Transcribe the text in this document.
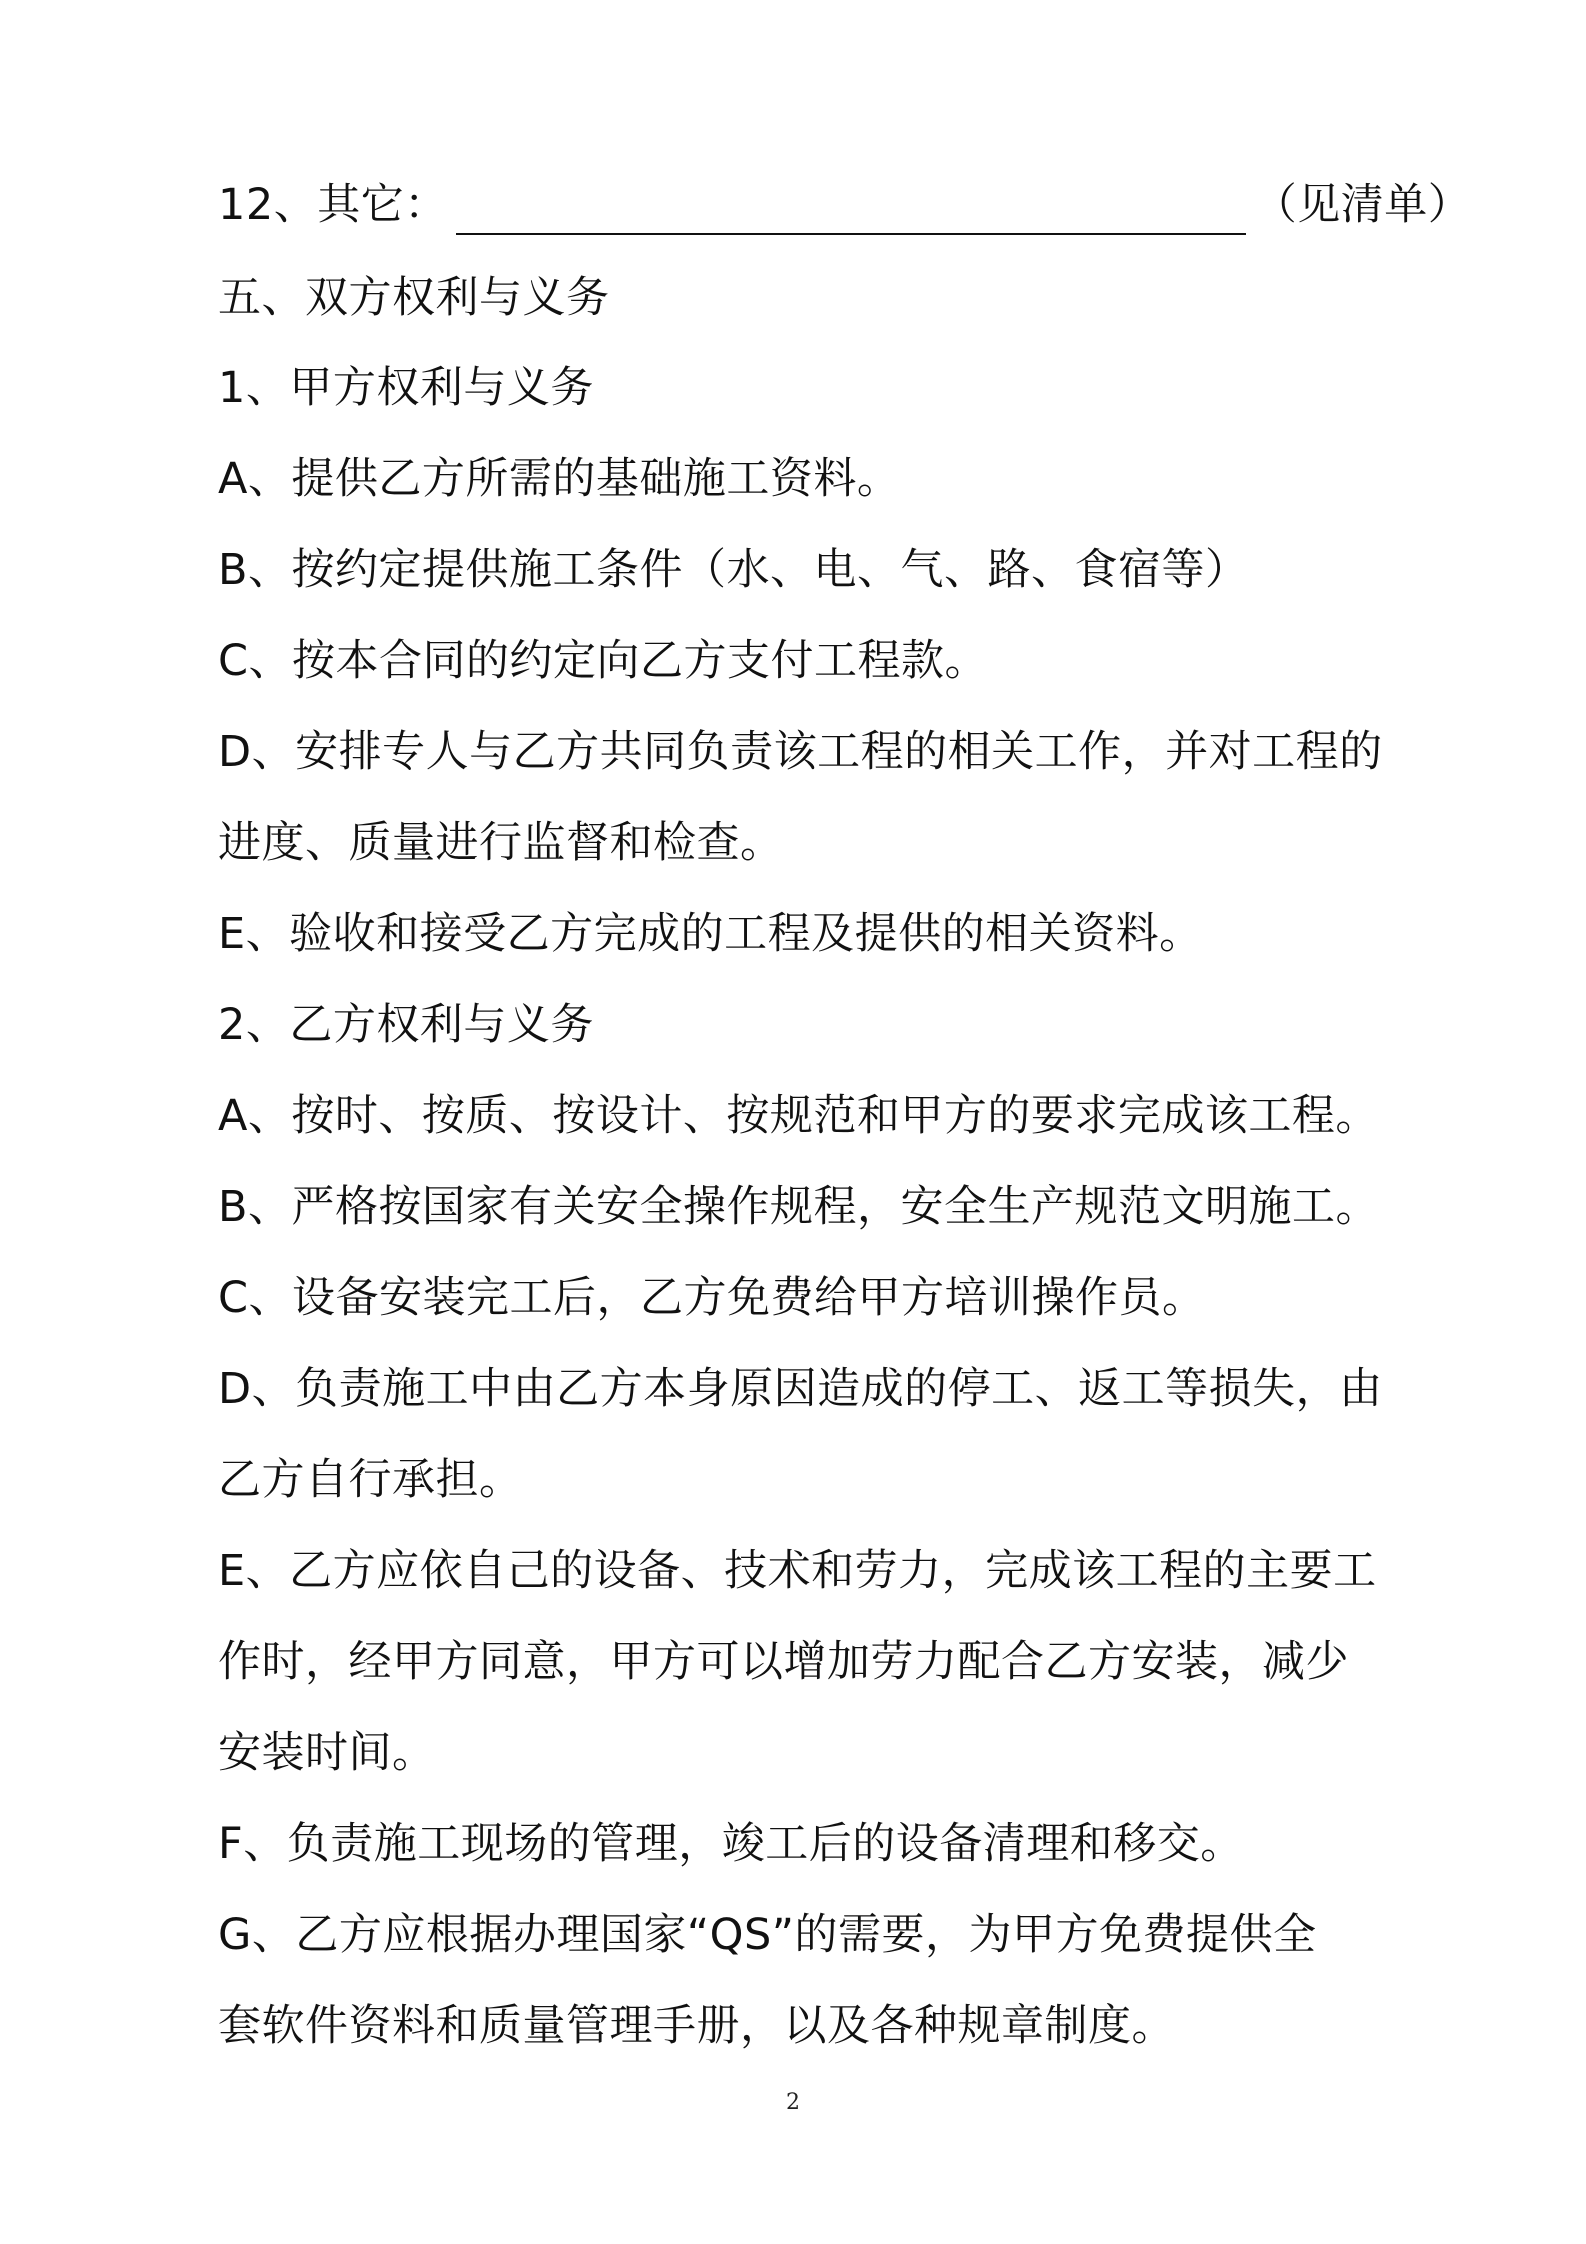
12、其它：	（见清单）
五、双方权利与义务
1、甲方权利与义务
A、提供乙方所需的基础施工资料。
B、按约定提供施工条件（水、电、气、路、食宿等）
C、按本合同的约定向乙方支付工程款。
D、安排专人与乙方共同负责该工程的相关工作，并对工程的
进度、质量进行监督和检查。
E、验收和接受乙方完成的工程及提供的相关资料。
2、乙方权利与义务
A、按时、按质、按设计、按规范和甲方的要求完成该工程。
B、严格按国家有关安全操作规程，安全生产规范文明施工。
C、设备安装完工后，乙方免费给甲方培训操作员。
D、负责施工中由乙方本身原因造成的停工、返工等损失，由
乙方自行承担。
E、乙方应依自己的设备、技术和劳力，完成该工程的主要工
作时，经甲方同意，甲方可以增加劳力配合乙方安装，减少
安装时间。
F、负责施工现场的管理，竣工后的设备清理和移交。
G、乙方应根据办理国家“QS”的需要，为甲方免费提供全
套软件资料和质量管理手册，以及各种规章制度。
2
